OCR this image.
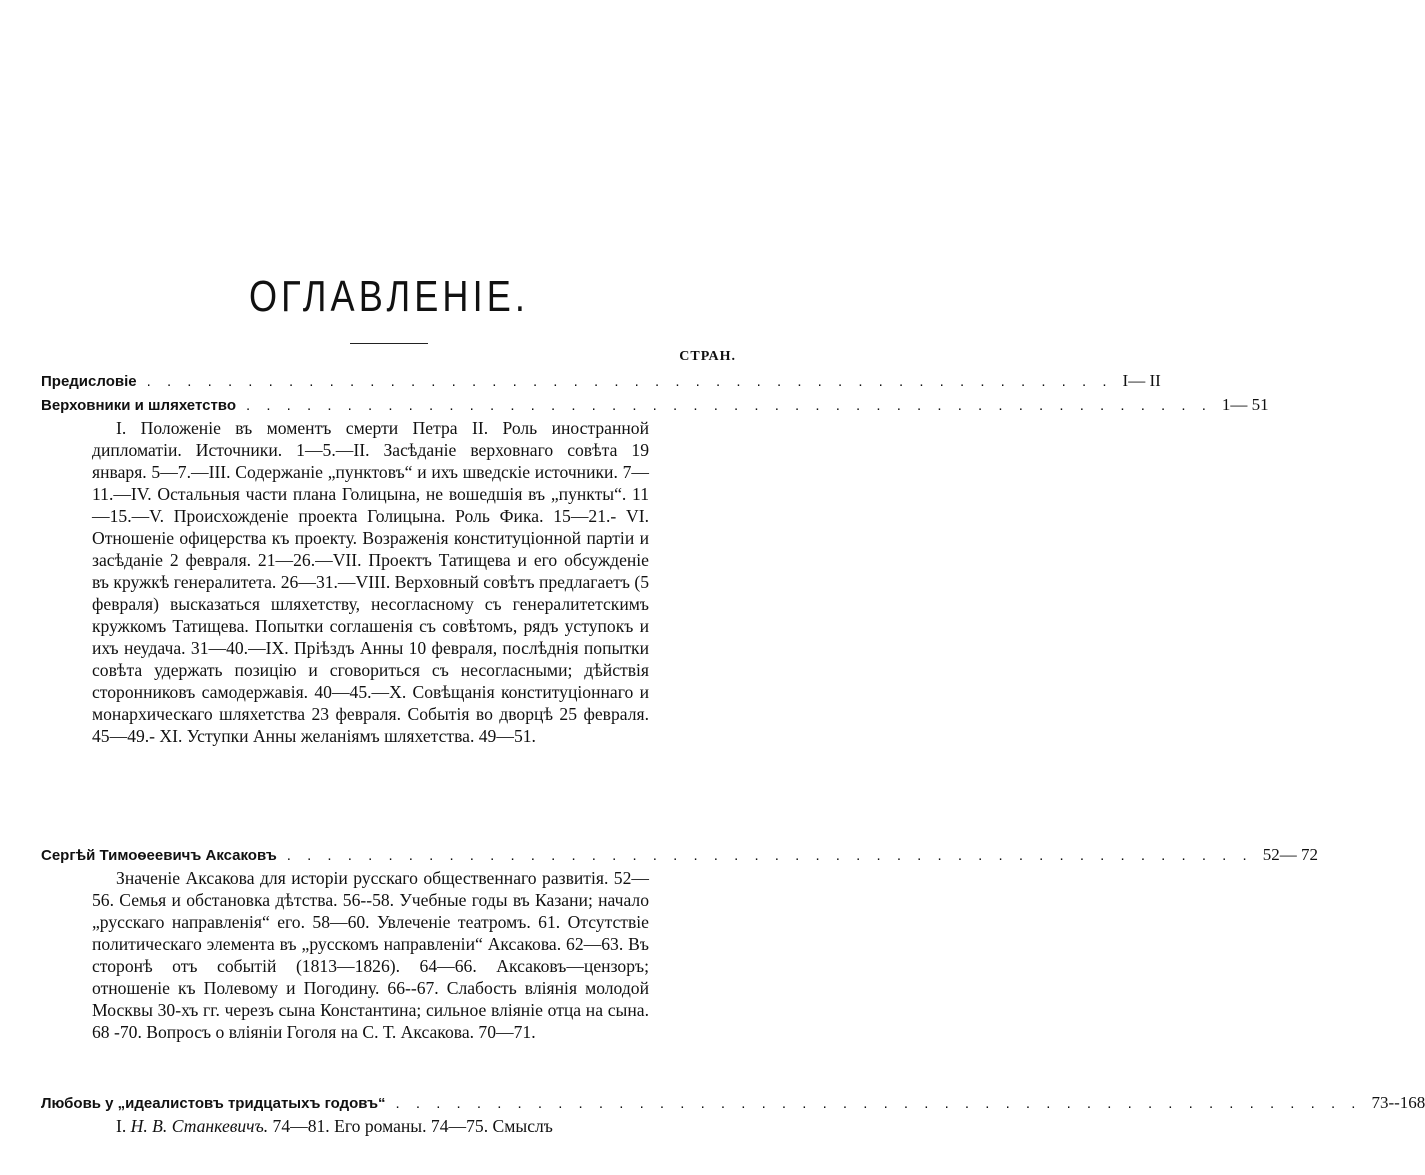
ОГЛАВЛЕНІЕ.
СТРАН.
Предисловіе . . . . . . . . . . . . . . . . . . . . . . . . . . . . . . . . . . . . . . . . . . . . . . . . I— II
Верховники и шляхетство . . . . . . . . . . . . . . . . . . . . . . . . . . . . . . . . . . . . . . . . . . . . . . . . 1— 51

I. Положеніе въ моментъ смерти Петра II. Роль иностранной дипломатіи. Источники. 1—5.—II. Засѣданіе верховнаго совѣта 19 января. 5—7.—III. Содержаніе „пунктовъ“ и ихъ шведскіе источники. 7—11.—IV. Остальныя части плана Голицына, не вошедшія въ „пункты“. 11—15.—V. Происхожденіе проекта Голицына. Роль Фика. 15—21.- VI. Отношеніе офицерства къ проекту. Возраженія конституціонной партіи и засѣданіе 2 февраля. 21—26.—VII. Проектъ Татищева и его обсужденіе въ кружкѣ генералитета. 26—31.—VIII. Верховный совѣтъ предлагаетъ (5 февраля) высказаться шляхетству, несогласному съ генералитетскимъ кружкомъ Татищева. Попытки соглашенія съ совѣтомъ, рядъ уступокъ и ихъ неудача. 31—40.—IX. Пріѣздъ Анны 10 февраля, послѣднія попытки совѣта удержать позицію и сговориться съ несогласными; дѣйствія сторонниковъ самодержавія. 40—45.—X. Совѣщанія конституціоннаго и монархическаго шляхетства 23 февраля. Событія во дворцѣ 25 февраля. 45—49.- XI. Уступки Анны желаніямъ шляхетства. 49—51.

Сергѣй Тимоѳеевичъ Аксаковъ . . . . . . . . . . . . . . . . . . . . . . . . . . . . . . . . . . . . . . . . . . . . . . . . 52— 72

Значеніе Аксакова для исторіи русскаго общественнаго развитія. 52—56. Семья и обстановка дѣтства. 56--58. Учебные годы въ Казани; начало „русскаго направленія“ его. 58—60. Увлеченіе театромъ. 61. Отсутствіе политическаго элемента въ „русскомъ направленіи“ Аксакова. 62—63. Въ сторонѣ отъ событій (1813—1826). 64—66. Аксаковъ—цензоръ; отношеніе къ Полевому и Погодину. 66--67. Слабость вліянія молодой Москвы 30-хъ гг. черезъ сына Константина; сильное вліяніе отца на сына. 68 -70. Вопросъ о вліяніи Гоголя на С. Т. Аксакова. 70—71.

Любовь у „идеалистовъ тридцатыхъ годовъ“ . . . . . . . . . . . . . . . . . . . . . . . . . . . . . . . . . . . . . . . . . . . . . . . . 73--168

I. Н. В. Станкевичъ. 74—81. Его романы. 74—75. Смыслъ
